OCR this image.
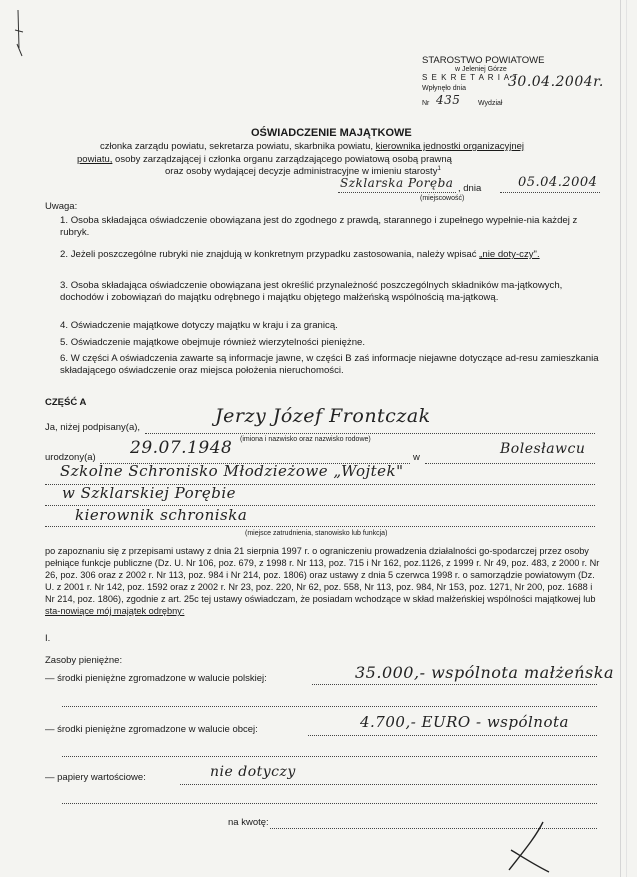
STAROSTWO POWIATOWE
w Jeleniej Górze
S E K R E T A R I A T
Wpłynęło dnia	30.04.2004r.
Nr 435	Wydział
OŚWIADCZENIE MAJĄTKOWE
członka zarządu powiatu, sekretarza powiatu, skarbnika powiatu, kierownika jednostki organizacyjnej
powiatu, osoby zarządzającej i członka organu zarządzającego powiatową osobą prawną
oraz osoby wydającej decyzje administracyjne w imieniu starosty$^1$
Szklarska Poręba , dnia	05.04.2004
(miejscowość)
Uwaga:
1. Osoba składająca oświadczenie obowiązana jest do zgodnego z prawdą, starannego i zupełnego wypełnie-nia każdej z rubryk.
2. Jeżeli poszczególne rubryki nie znajdują w konkretnym przypadku zastosowania, należy wpisać „nie doty-czy".
3. Osoba składająca oświadczenie obowiązana jest określić przynależność poszczególnych składników ma-jątkowych, dochodów i zobowiązań do majątku odrębnego i majątku objętego małżeńską wspólnością ma-jątkową.
4. Oświadczenie majątkowe dotyczy majątku w kraju i za granicą.
5. Oświadczenie majątkowe obejmuje również wierzytelności pieniężne.
6. W części A oświadczenia zawarte są informacje jawne, w części B zaś informacje niejawne dotyczące ad-resu zamieszkania składającego oświadczenie oraz miejsca położenia nieruchomości.
CZĘŚĆ A
Ja, niżej podpisany(a),
Jerzy Józef Frontczak
(imiona i nazwisko oraz nazwisko rodowe)
urodzony(a) 29.07.1948	w
Bolesławcu
Szkolne Schronisko Młodzieżowe „Wojtek"
w Szklarskiej Porębie
kierownik schroniska
(miejsce zatrudnienia, stanowisko lub funkcja)
po zapoznaniu się z przepisami ustawy z dnia 21 sierpnia 1997 r. o ograniczeniu prowadzenia działalności go-spodarczej przez osoby pełniące funkcje publiczne (Dz. U. Nr 106, poz. 679, z 1998 r. Nr 113, poz. 715 i Nr 162, poz.1126, z 1999 r. Nr 49, poz. 483, z 2000 r. Nr 26, poz. 306 oraz z 2002 r. Nr 113, poz. 984 i Nr 214, poz. 1806) oraz ustawy z dnia 5 czerwca 1998 r. o samorządzie powiatowym (Dz. U. z 2001 r. Nr 142, poz. 1592 oraz z 2002 r. Nr 23, poz. 220, Nr 62, poz. 558, Nr 113, poz. 984, Nr 153, poz. 1271, Nr 200, poz. 1688 i Nr 214, poz. 1806), zgodnie z art. 25c tej ustawy oświadczam, że posiadam wchodzące w skład małżeńskiej wspólności majątkowej lub sta-nowiące mój majątek odrębny:
I.
Zasoby pieniężne:
— środki pieniężne zgromadzone w walucie polskiej:	35.000,- wspólnota małżeńska
— środki pieniężne zgromadzone w walucie obcej:	4.700,- EURO - wspólnota
— papiery wartościowe:	nie dotyczy
na kwotę:
